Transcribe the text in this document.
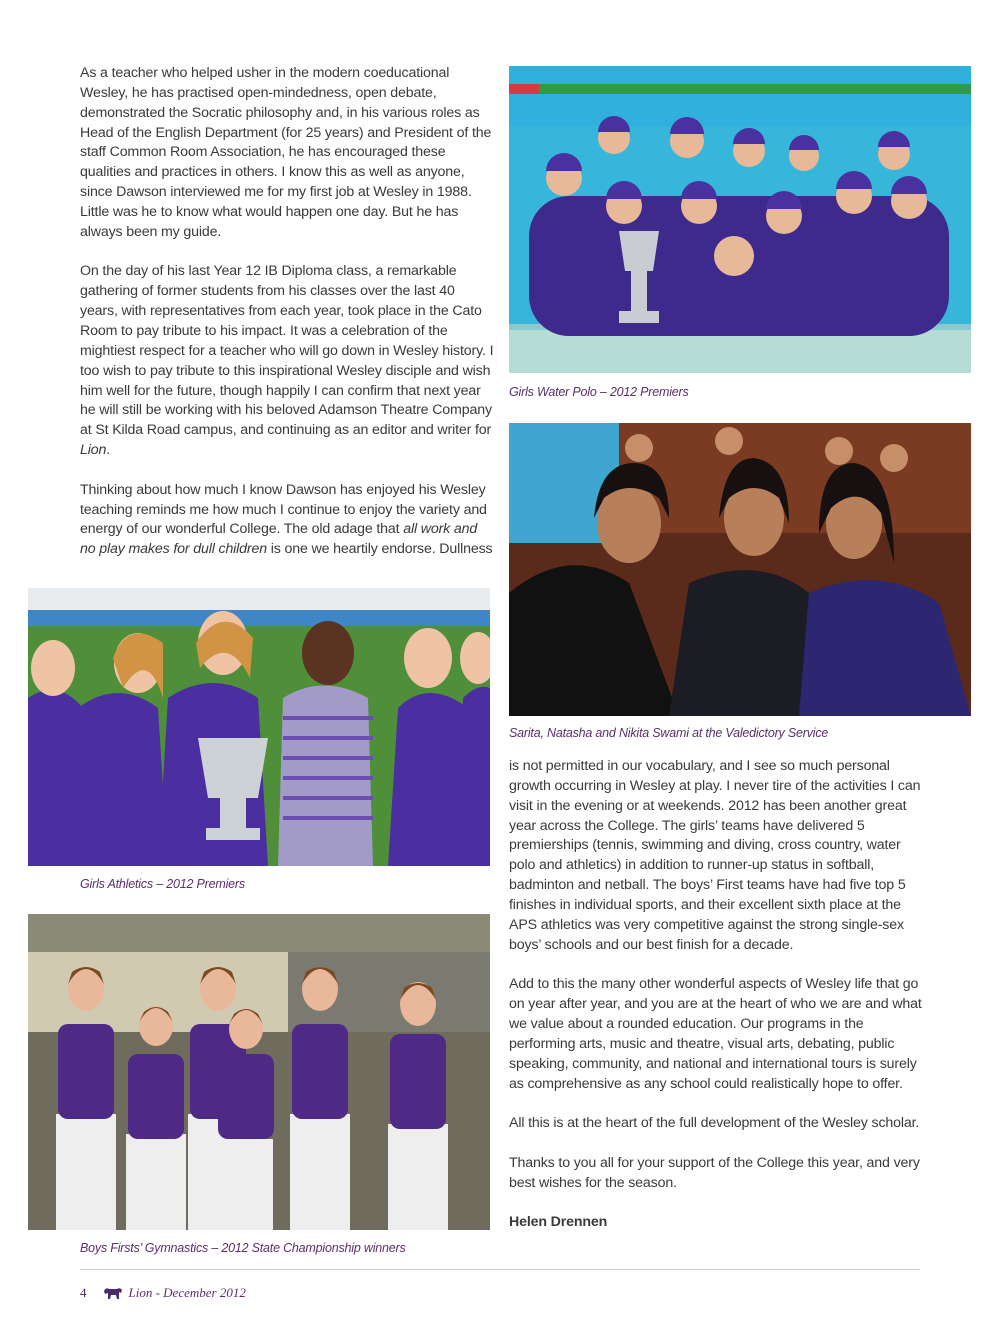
As a teacher who helped usher in the modern coeducational Wesley, he has practised open-mindedness, open debate, demonstrated the Socratic philosophy and, in his various roles as Head of the English Department (for 25 years) and President of the staff Common Room Association, he has encouraged these qualities and practices in others. I know this as well as anyone, since Dawson interviewed me for my first job at Wesley in 1988. Little was he to know what would happen one day. But he has always been my guide.

On the day of his last Year 12 IB Diploma class, a remarkable gathering of former students from his classes over the last 40 years, with representatives from each year, took place in the Cato Room to pay tribute to his impact. It was a celebration of the mightiest respect for a teacher who will go down in Wesley history. I too wish to pay tribute to this inspirational Wesley disciple and wish him well for the future, though happily I can confirm that next year he will still be working with his beloved Adamson Theatre Company at St Kilda Road campus, and continuing as an editor and writer for Lion.

Thinking about how much I know Dawson has enjoyed his Wesley teaching reminds me how much I continue to enjoy the variety and energy of our wonderful College. The old adage that all work and no play makes for dull children is one we heartily endorse. Dullness

Girls Water Polo – 2012 Premiers
Sarita, Natasha and Nikita Swami at the Valedictory Service

is not permitted in our vocabulary, and I see so much personal growth occurring in Wesley at play. I never tire of the activities I can visit in the evening or at weekends. 2012 has been another great year across the College. The girls’ teams have delivered 5 premierships (tennis, swimming and diving, cross country, water polo and athletics) in addition to runner-up status in softball, badminton and netball. The boys’ First teams have had five top 5 finishes in individual sports, and their excellent sixth place at the APS athletics was very competitive against the strong single-sex boys’ schools and our best finish for a decade.

Add to this the many other wonderful aspects of Wesley life that go on year after year, and you are at the heart of who we are and what we value about a rounded education. Our programs in the performing arts, music and theatre, visual arts, debating, public speaking, community, and national and international tours is surely as comprehensive as any school could realistically hope to offer.

All this is at the heart of the full development of the Wesley scholar.

Thanks to you all for your support of the College this year, and very best wishes for the season.

Helen Drennen

Girls Athletics – 2012 Premiers
Boys Firsts’ Gymnastics – 2012 State Championship winners
4	Lion - December 2012
